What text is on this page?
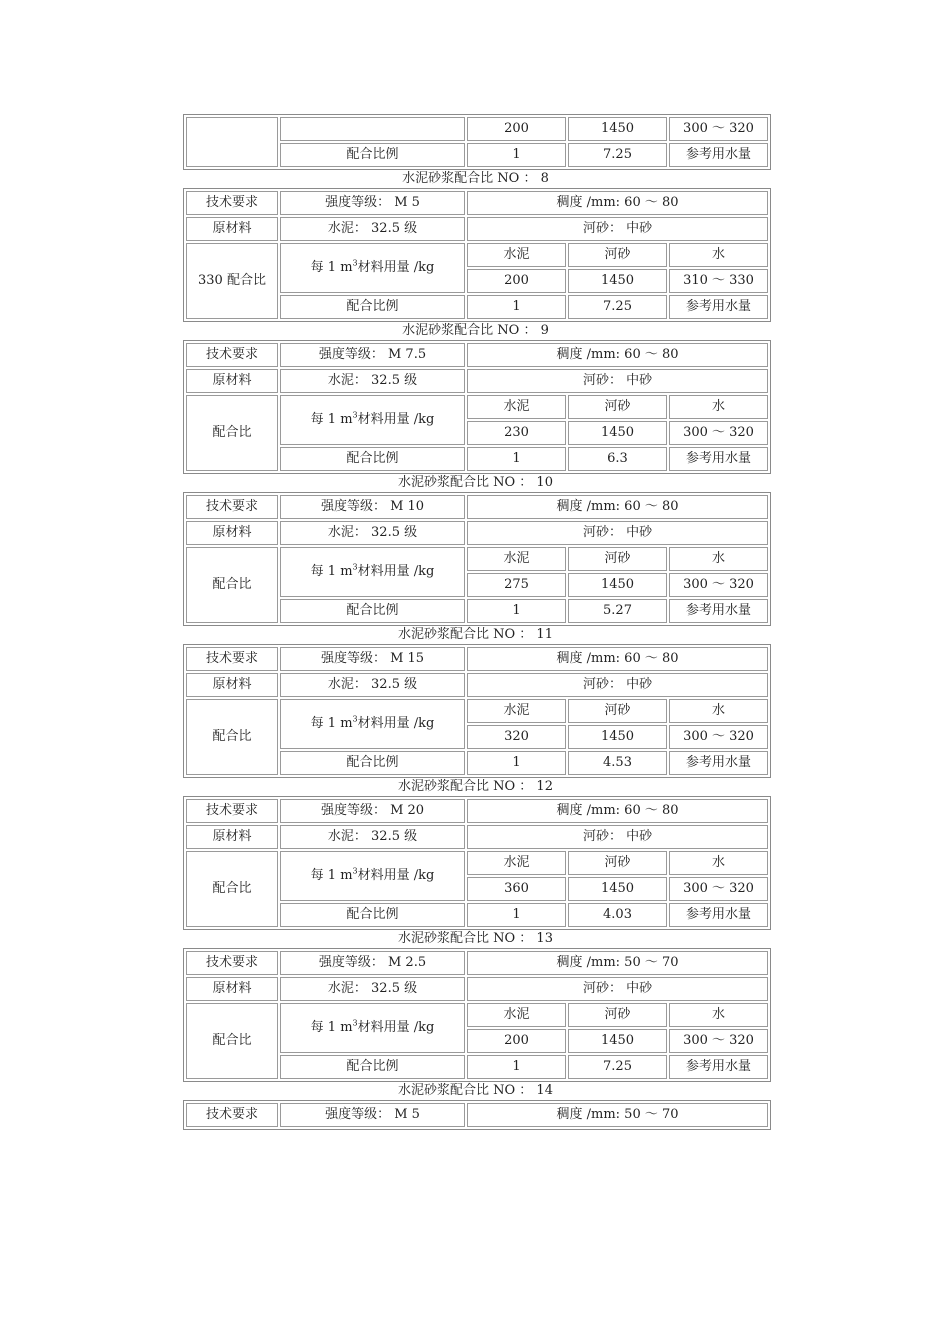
		200	1450	300 ～ 320
	配合比例	1	7.25	参考用水量
水泥砂浆配合比 NO ： 8
技术要求	强度等级： M 5	稠度 /mm: 60 ～ 80		
原材料	水泥： 32.5 级	河砂： 中砂		
330 配合比	每 1 $m^3$材料用量 /kg	水泥	河砂	水
		200	1450	310 ～ 330
	配合比例	1	7.25	参考用水量
水泥砂浆配合比 NO ： 9
技术要求	强度等级： M 7.5	稠度 /mm: 60 ～ 80		
原材料	水泥： 32.5 级	河砂： 中砂		
配合比	每 1 $m^3$材料用量 /kg	水泥	河砂	水
		230	1450	300 ～ 320
	配合比例	1	6.3	参考用水量
水泥砂浆配合比 NO ： 10
技术要求	强度等级： M 10	稠度 /mm: 60 ～ 80		
原材料	水泥： 32.5 级	河砂： 中砂		
配合比	每 1 $m^3$材料用量 /kg	水泥	河砂	水
		275	1450	300 ～ 320
	配合比例	1	5.27	参考用水量
水泥砂浆配合比 NO ： 11
技术要求	强度等级： M 15	稠度 /mm: 60 ～ 80		
原材料	水泥： 32.5 级	河砂： 中砂		
配合比	每 1 $m^3$材料用量 /kg	水泥	河砂	水
		320	1450	300 ～ 320
	配合比例	1	4.53	参考用水量
水泥砂浆配合比 NO ： 12
技术要求	强度等级： M 20	稠度 /mm: 60 ～ 80		
原材料	水泥： 32.5 级	河砂： 中砂		
配合比	每 1 $m^3$材料用量 /kg	水泥	河砂	水
		360	1450	300 ～ 320
	配合比例	1	4.03	参考用水量
水泥砂浆配合比 NO ： 13
技术要求	强度等级： M 2.5	稠度 /mm: 50 ～ 70		
原材料	水泥： 32.5 级	河砂： 中砂		
配合比	每 1 $m^3$材料用量 /kg	水泥	河砂	水
		200	1450	300 ～ 320
	配合比例	1	7.25	参考用水量
水泥砂浆配合比 NO ： 14
技术要求	强度等级： M 5	稠度 /mm: 50 ～ 70
